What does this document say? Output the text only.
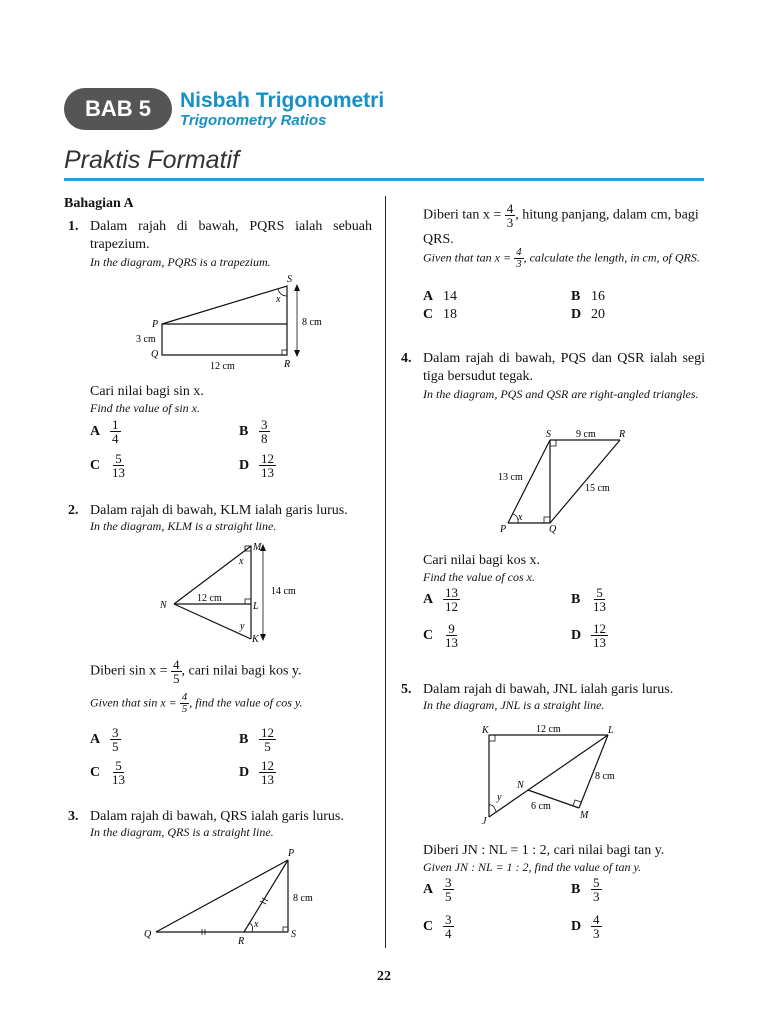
BAB 5	Nisbah Trigonometri
Trigonometry Ratios
Praktis Formatif
Bahagian A
1. Dalam rajah di bawah, PQRS ialah sebuah trapezium.
In the diagram, PQRS is a trapezium.
S
x
P	8 cm
3 cm
Q
12 cm	R
Cari nilai bagi sin x.
Find the value of sin x.
A $\frac{1}{4}$	B $\frac{3}{8}$
C $\frac{5}{13}$	D $\frac{12}{13}$
2. Dalam rajah di bawah, KLM ialah garis lurus.
In the diagram, KLM is a straight line.
M
x
14 cm
N
12 cm
L
y
K
Diberi $\sin x = \frac{4}{5}$ , cari nilai bagi kos y.
Given that $\sin x = \frac{4}{5}$ , find the value of cos y.
A $\frac{3}{5}$	B $\frac{12}{5}$
C $\frac{5}{13}$	D $\frac{12}{13}$
3. Dalam rajah di bawah, QRS ialah garis lurus.
In the diagram, QRS is a straight line.
P
8 cm
x
Q
R
S
Diberi $\tan x = \frac{4}{3}$ , hitung panjang, dalam cm, bagi QRS.
Given that $\tan x = \frac{4}{3}$ , calculate the length, in cm, of QRS.
A 14	B 16
C 18	D 20
4. Dalam rajah di bawah, PQS dan QSR ialah segi tiga bersudut tegak.
In the diagram, PQS and QSR are right-angled triangles.
S	9 cm R
13 cm
15 cm
P
x
Q
Cari nilai bagi kos x.
Find the value of cos x.
A $\frac{13}{12}$	B $\frac{5}{13}$
C $\frac{9}{13}$	D $\frac{12}{13}$
5. Dalam rajah di bawah, JNL ialah garis lurus.
In the diagram, JNL is a straight line.
K	12 cm	L
8 cm
N
y
6 cm
M
J
Diberi JN : NL = 1 : 2, cari nilai bagi tan y.
Given JN : NL = 1 : 2, find the value of tan y.
A $\frac{3}{5}$	B $\frac{5}{3}$
C $\frac{3}{4}$	D $\frac{4}{3}$
22
